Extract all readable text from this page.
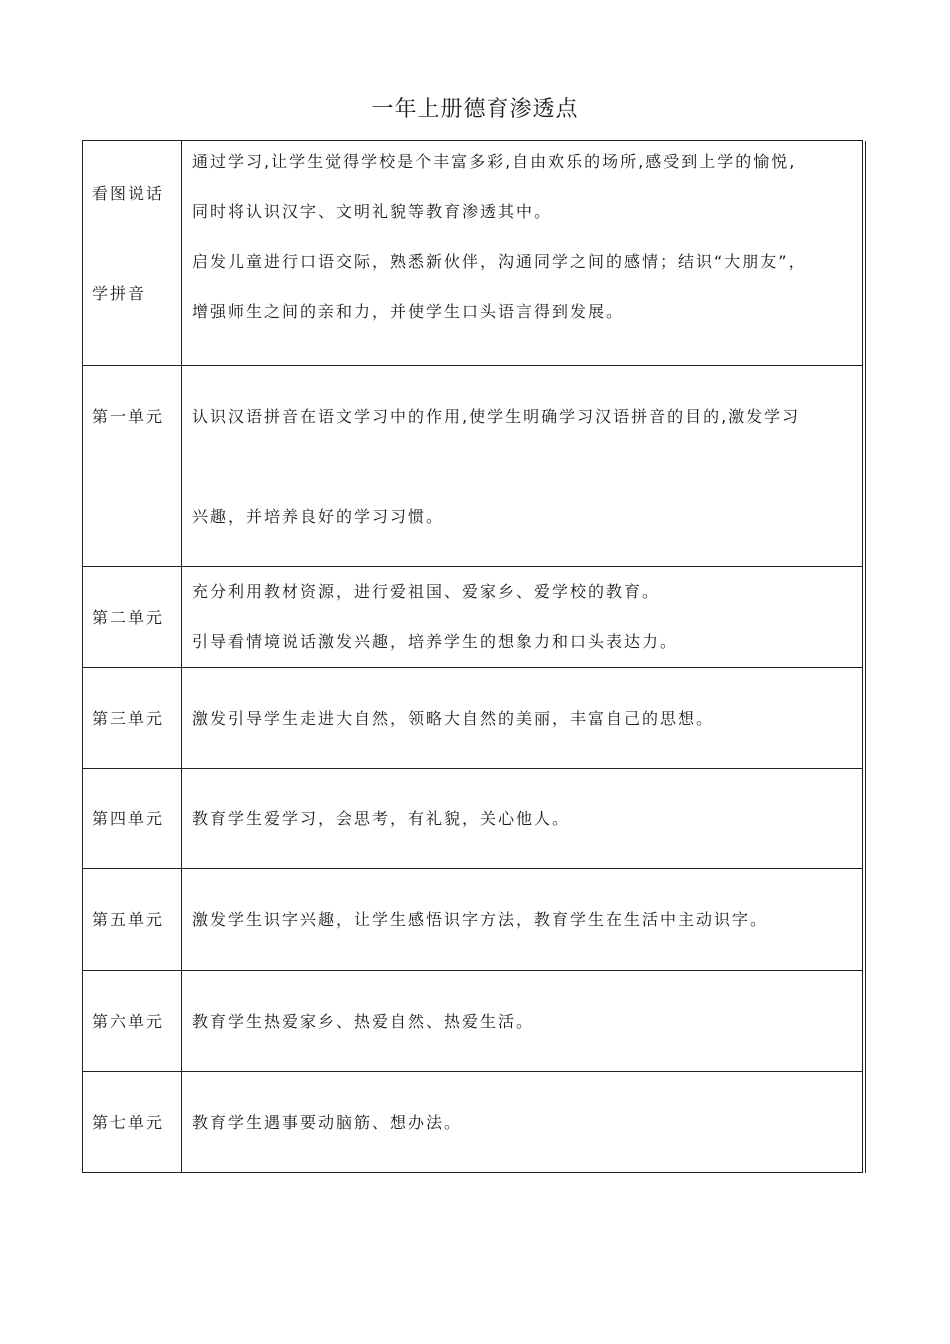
一年上册德育渗透点
看图说话
学拼音
通过学习,让学生觉得学校是个丰富多彩,自由欢乐的场所,感受到上学的愉悦,
同时将认识汉字、文明礼貌等教育渗透其中。
启发儿童进行口语交际，熟悉新伙伴，沟通同学之间的感情；结识“大朋友”，
增强师生之间的亲和力，并使学生口头语言得到发展。
第一单元 认识汉语拼音在语文学习中的作用,使学生明确学习汉语拼音的目的,激发学习
兴趣，并培养良好的学习习惯。
第二单元
充分利用教材资源，进行爱祖国、爱家乡、爱学校的教育。
引导看情境说话激发兴趣，培养学生的想象力和口头表达力。
第三单元 激发引导学生走进大自然，领略大自然的美丽，丰富自己的思想。
第四单元 教育学生爱学习，会思考，有礼貌，关心他人。
第五单元 激发学生识字兴趣，让学生感悟识字方法，教育学生在生活中主动识字。
第六单元 教育学生热爱家乡、热爱自然、热爱生活。
第七单元 教育学生遇事要动脑筋、想办法。
